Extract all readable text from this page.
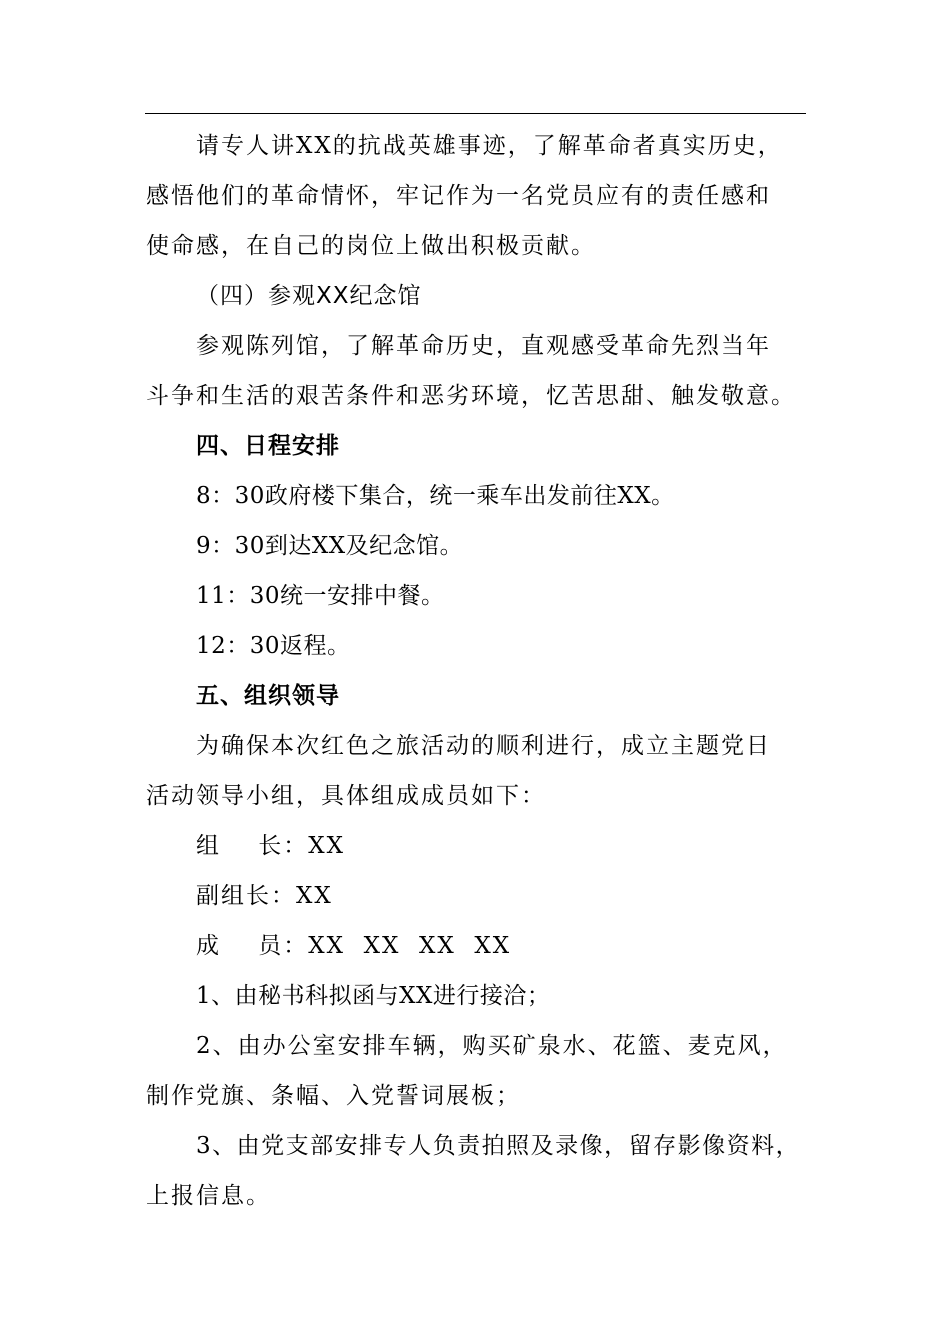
请专人讲XX的抗战英雄事迹，了解革命者真实历史，
感悟他们的革命情怀，牢记作为一名党员应有的责任感和
使命感，在自己的岗位上做出积极贡献。
（四）参观XX纪念馆
参观陈列馆，了解革命历史，直观感受革命先烈当年
斗争和生活的艰苦条件和恶劣环境，忆苦思甜、触发敬意。
四、日程安排
8：30政府楼下集合，统一乘车出发前往XX。
9：30到达XX及纪念馆。
11：30统一安排中餐。
12：30返程。
五、组织领导
为确保本次红色之旅活动的顺利进行，成立主题党日
活动领导小组，具体组成成员如下：
组    长：XX
副组长：XX
成    员：XX  XX  XX  XX
1、由秘书科拟函与XX进行接洽；
2、由办公室安排车辆，购买矿泉水、花篮、麦克风，
制作党旗、条幅、入党誓词展板；
3、由党支部安排专人负责拍照及录像，留存影像资料，
上报信息。
